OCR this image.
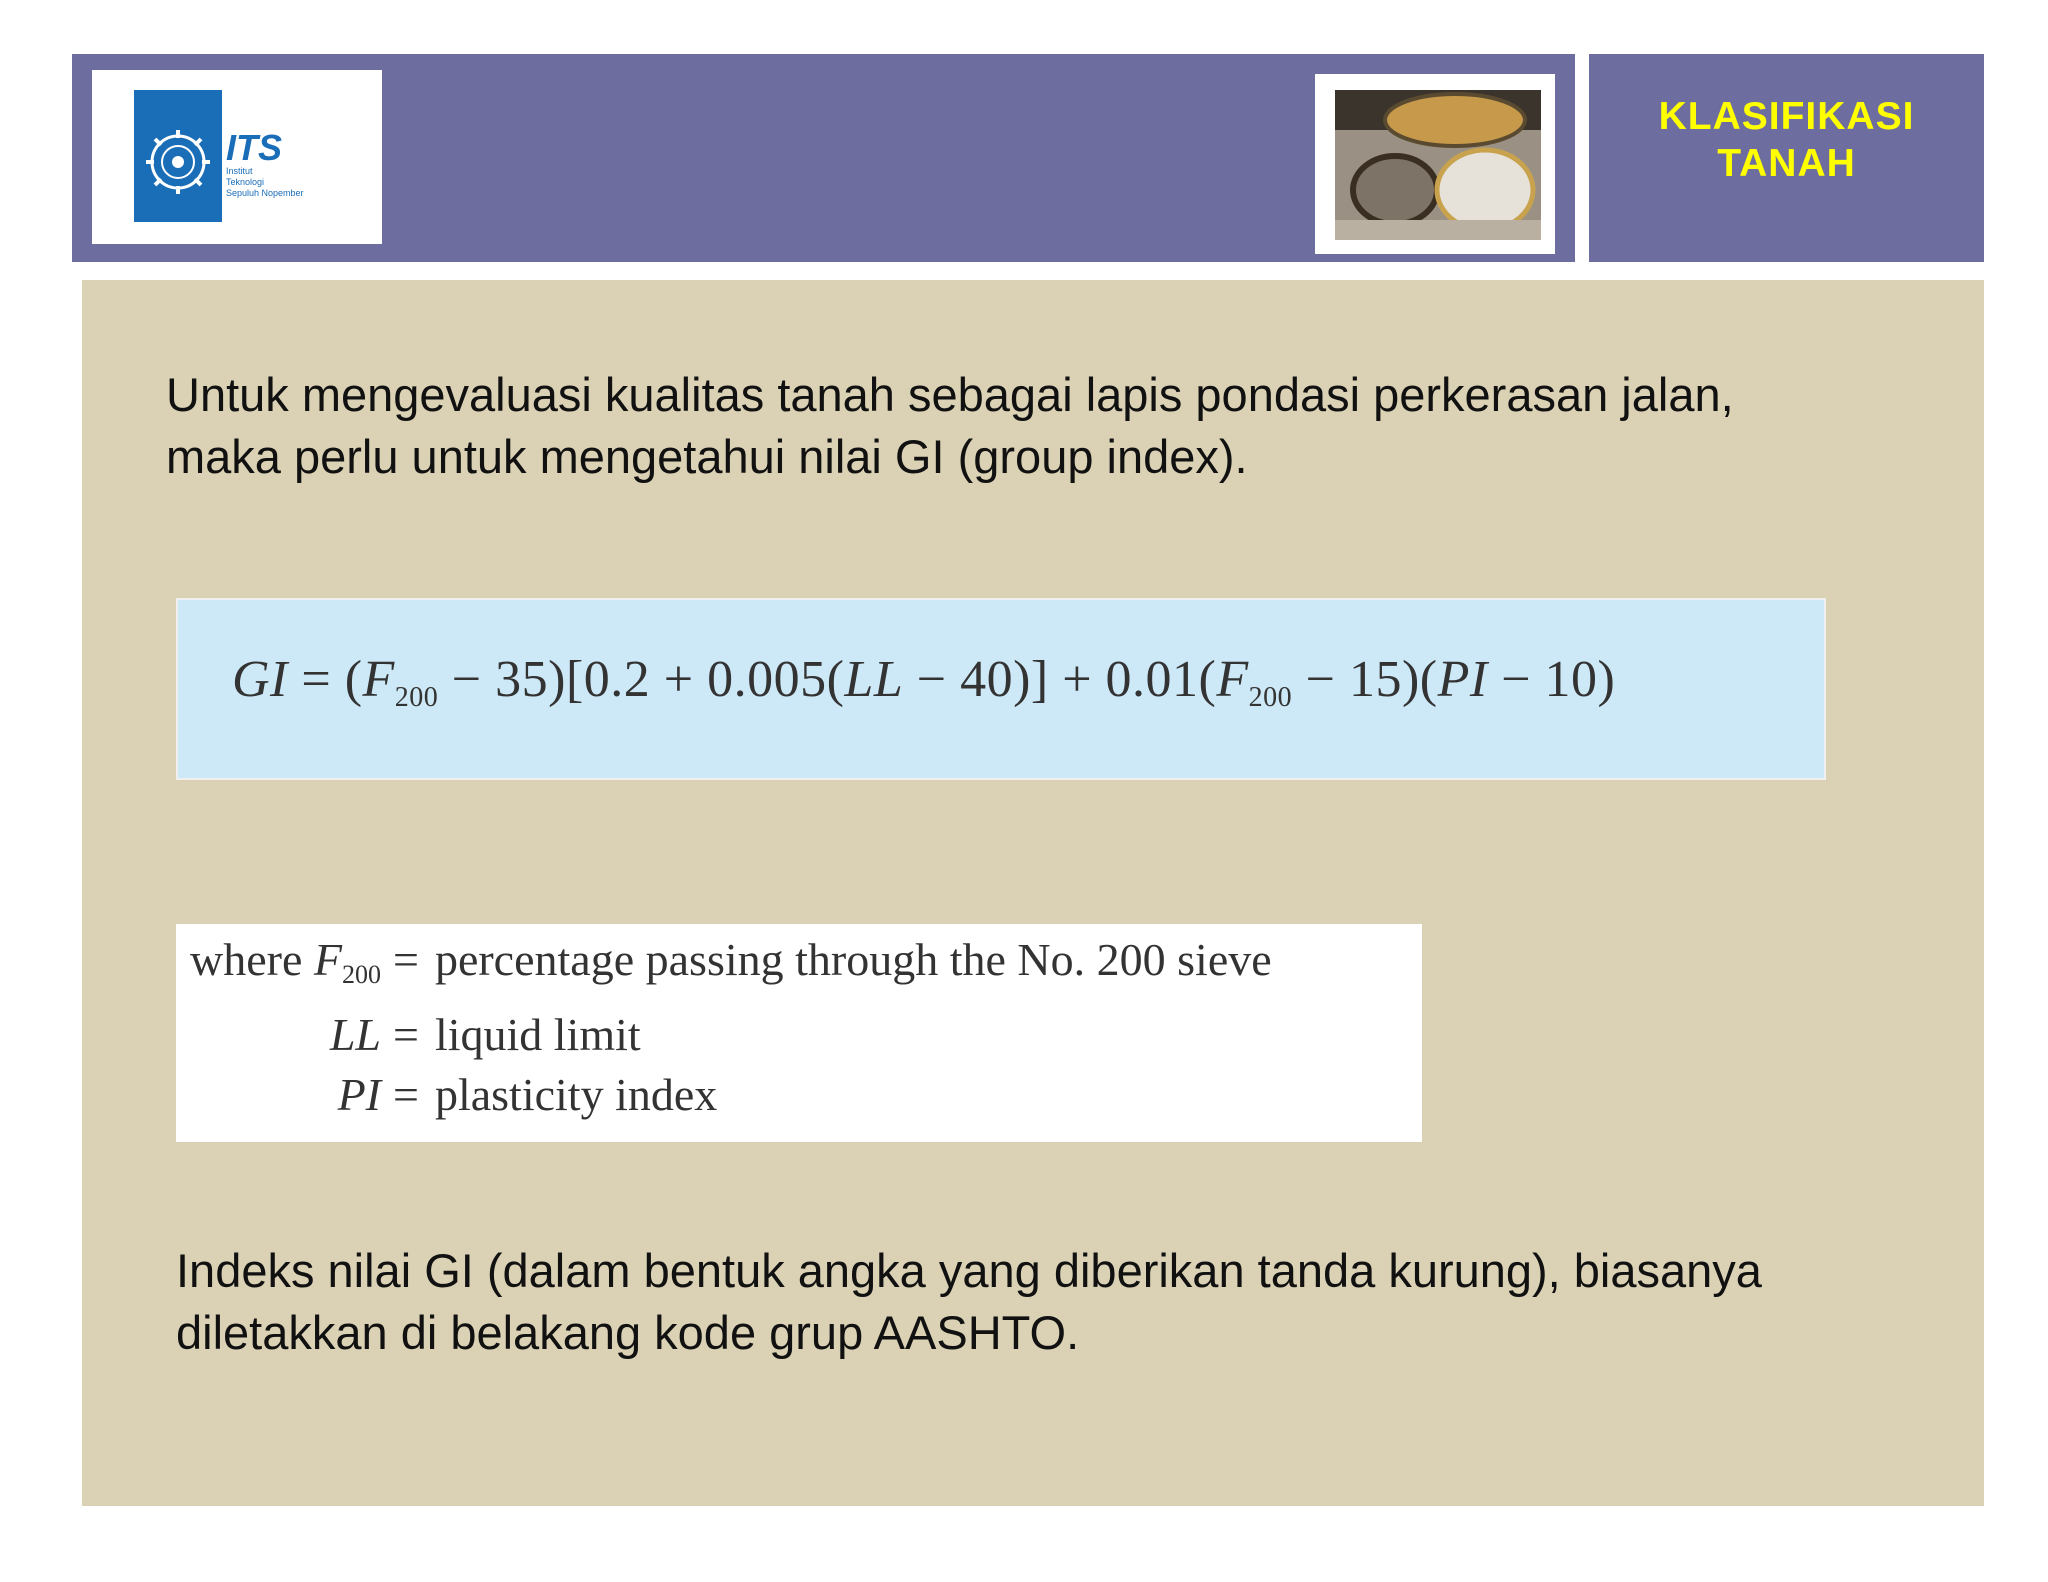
ITS
Institut
Teknologi
Sepuluh Nopember
KLASIFIKASI
TANAH

Untuk mengevaluasi kualitas tanah sebagai lapis pondasi perkerasan jalan,
maka perlu untuk mengetahui nilai GI (group index).

GI = $(F_{200} - 35)[0.2 + 0.005(LL - 40)] + 0.01(F_{200} - 15)(PI - 10)$
where $F_{200}$	=	percentage passing through the No. 200 sieve
LL	=	liquid limit
PI	=	plasticity index

Indeks nilai GI (dalam bentuk angka yang diberikan tanda kurung), biasanya
diletakkan di belakang kode grup AASHTO.
